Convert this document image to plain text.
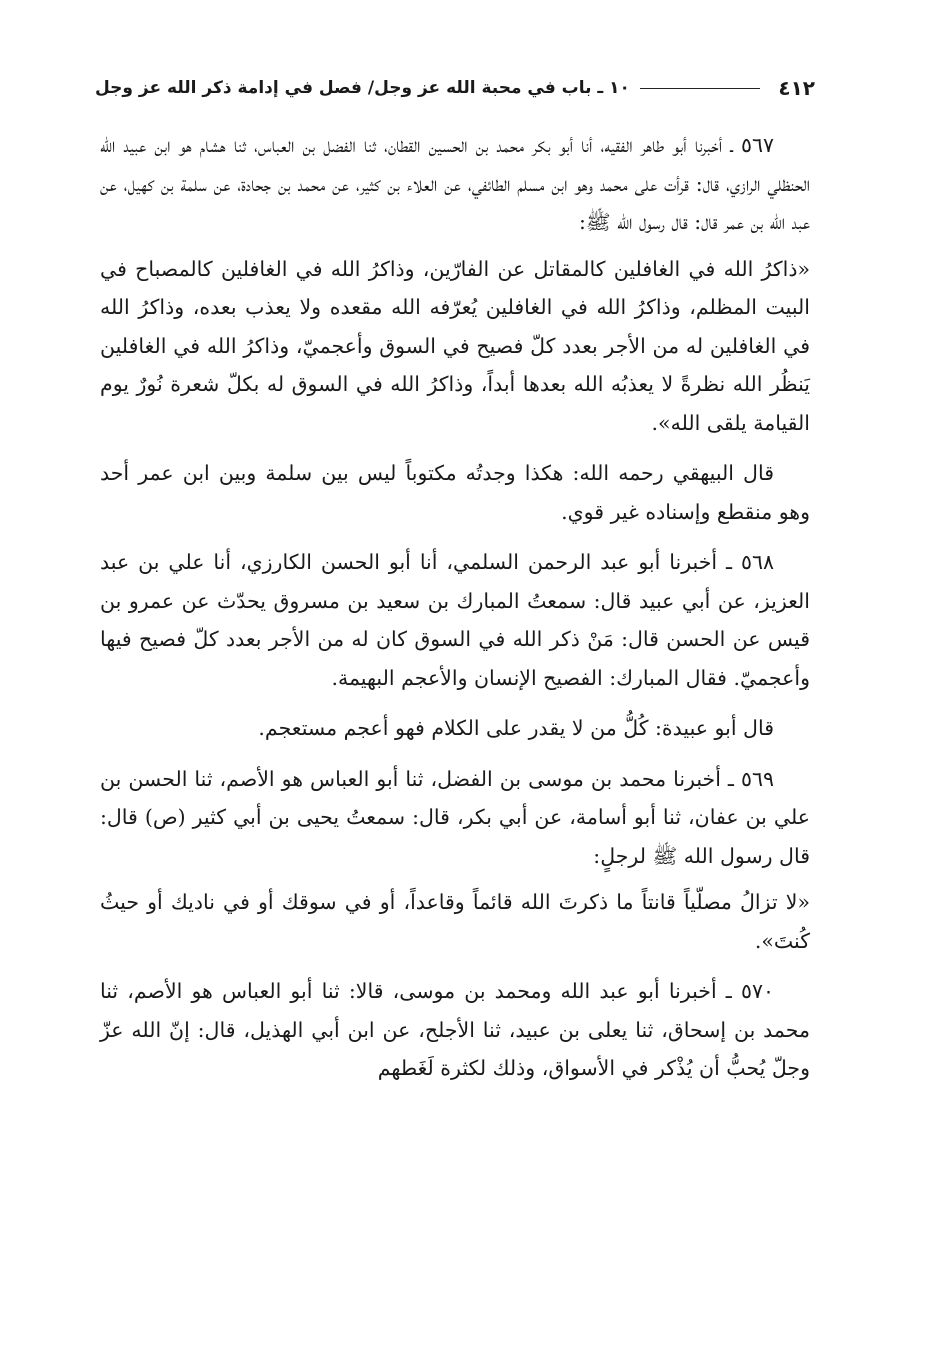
٤١٢
١٠ ـ باب في محبة الله عز وجل/ فصل في إدامة ذكر الله عز وجل

٥٦٧ ـ أخبرنا أبو طاهر الفقيه، أنا أبو بكر محمد بن الحسين القطان، ثنا الفضل بن العباس، ثنا هشام هو ابن عبيد الله الحنظلي الرازي، قال: قرأت على محمد وهو ابن مسلم الطائفي، عن العلاء بن كثير، عن محمد بن جحادة، عن سلمة بن كهيل، عن عبد الله بن عمر قال: قال رسول الله ﷺ:

«ذاكرُ الله في الغافلين كالمقاتل عن الفارّين، وذاكرُ الله في الغافلين كالمصباح في البيت المظلم، وذاكرُ الله في الغافلين يُعرّفه الله مقعده ولا يعذب بعده، وذاكرُ الله في الغافلين له من الأجر بعدد كلّ فصيح في السوق وأعجميّ، وذاكرُ الله في الغافلين يَنظُر الله نظرةً لا يعذبُه الله بعدها أبداً، وذاكرُ الله في السوق له بكلّ شعرة نُورٌ يوم القيامة يلقى الله».

قال البيهقي رحمه الله: هكذا وجدتُه مكتوباً ليس بين سلمة وبين ابن عمر أحد وهو منقطع وإسناده غير قوي.

٥٦٨ ـ أخبرنا أبو عبد الرحمن السلمي، أنا أبو الحسن الكارزي، أنا علي بن عبد العزيز، عن أبي عبيد قال: سمعتُ المبارك بن سعيد بن مسروق يحدّث عن عمرو بن قيس عن الحسن قال: مَنْ ذكر الله في السوق كان له من الأجر بعدد كلّ فصيح فيها وأعجميّ. فقال المبارك: الفصيح الإنسان والأعجم البهيمة.

قال أبو عبيدة: كُلُّ من لا يقدر على الكلام فهو أعجم مستعجم.

٥٦٩ ـ أخبرنا محمد بن موسى بن الفضل، ثنا أبو العباس هو الأصم، ثنا الحسن بن علي بن عفان، ثنا أبو أسامة، عن أبي بكر، قال: سمعتُ يحيى بن أبي كثير (ص) قال: قال رسول الله ﷺ لرجلٍ:

«لا تزالُ مصلّياً قانتاً ما ذكرتَ الله قائماً وقاعداً، أو في سوقك أو في ناديك أو حيثُ كُنتَ».

٥٧٠ ـ أخبرنا أبو عبد الله ومحمد بن موسى، قالا: ثنا أبو العباس هو الأصم، ثنا محمد بن إسحاق، ثنا يعلى بن عبيد، ثنا الأجلح، عن ابن أبي الهذيل، قال: إنّ الله عزّ وجلّ يُحبُّ أن يُذْكر في الأسواق، وذلك لكثرة لَغَطهم
